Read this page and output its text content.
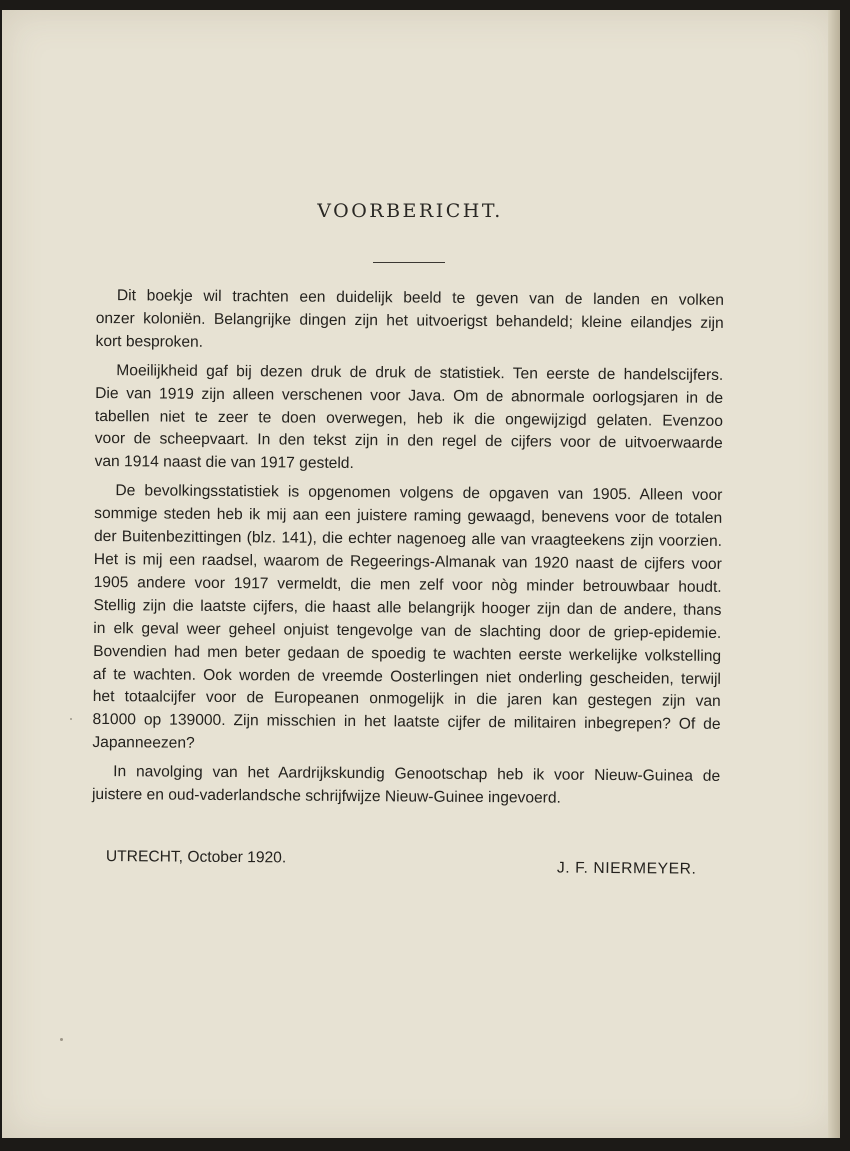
VOORBERICHT.
Dit boekje wil trachten een duidelijk beeld te geven van de landen en volken
onzer koloniën. Belangrijke dingen zijn het uitvoerigst behandeld; kleine eilandjes zijn
kort besproken.
Moeilijkheid gaf bij dezen druk de druk de statistiek. Ten eerste de handelscijfers.
Die van 1919 zijn alleen verschenen voor Java. Om de abnormale oorlogsjaren in de
tabellen niet te zeer te doen overwegen, heb ik die ongewijzigd gelaten. Evenzoo
voor de scheepvaart. In den tekst zijn in den regel de cijfers voor de uitvoerwaarde
van 1914 naast die van 1917 gesteld.
De bevolkingsstatistiek is opgenomen volgens de opgaven van 1905. Alleen voor
sommige steden heb ik mij aan een juistere raming gewaagd, benevens voor de totalen
der Buitenbezittingen (blz. 141), die echter nagenoeg alle van vraagteekens zijn voorzien.
Het is mij een raadsel, waarom de Regeerings-Almanak van 1920 naast de cijfers voor
1905 andere voor 1917 vermeldt, die men zelf voor nòg minder betrouwbaar houdt.
Stellig zijn die laatste cijfers, die haast alle belangrijk hooger zijn dan de andere, thans
in elk geval weer geheel onjuist tengevolge van de slachting door de griep-epidemie.
Bovendien had men beter gedaan de spoedig te wachten eerste werkelijke volkstelling
af te wachten. Ook worden de vreemde Oosterlingen niet onderling gescheiden, terwijl
het totaalcijfer voor de Europeanen onmogelijk in die jaren kan gestegen zijn van
81000 op 139000. Zijn misschien in het laatste cijfer de militairen inbegrepen? Of de
Japanneezen?
In navolging van het Aardrijkskundig Genootschap heb ik voor Nieuw-Guinea de
juistere en oud-vaderlandsche schrijfwijze Nieuw-Guinee ingevoerd.
UTRECHT, October 1920.
J. F. NIERMEYER.
